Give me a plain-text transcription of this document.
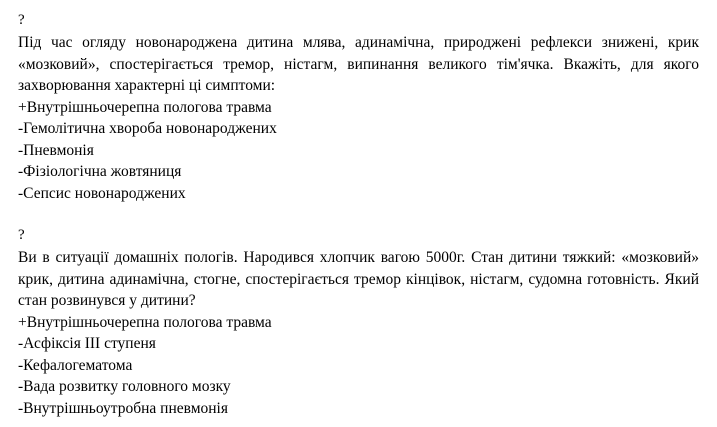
?
Під час огляду новонароджена дитина млява, адинамічна, природжені рефлекси знижені, крик «мозковий», спостерігається тремор, ністагм, випинання великого тім'ячка. Вкажіть, для якого захворювання характерні ці симптоми:
+Внутрішньочерепна пологова травма
-Гемолітична хвороба новонароджених
-Пневмонія
-Фізіологічна жовтяниця
-Сепсис новонароджених
?
Ви в ситуації домашніх пологів. Народився хлопчик вагою 5000г. Стан дитини тяжкий: «мозковий» крик, дитина адинамічна, стогне, спостерігається тремор кінцівок, ністагм, судомна готовність. Який стан розвинувся у дитини?
+Внутрішньочерепна пологова травма
-Асфіксія ІІІ ступеня
-Кефалогематома
-Вада розвитку головного мозку
-Внутрішньоутробна пневмонія
